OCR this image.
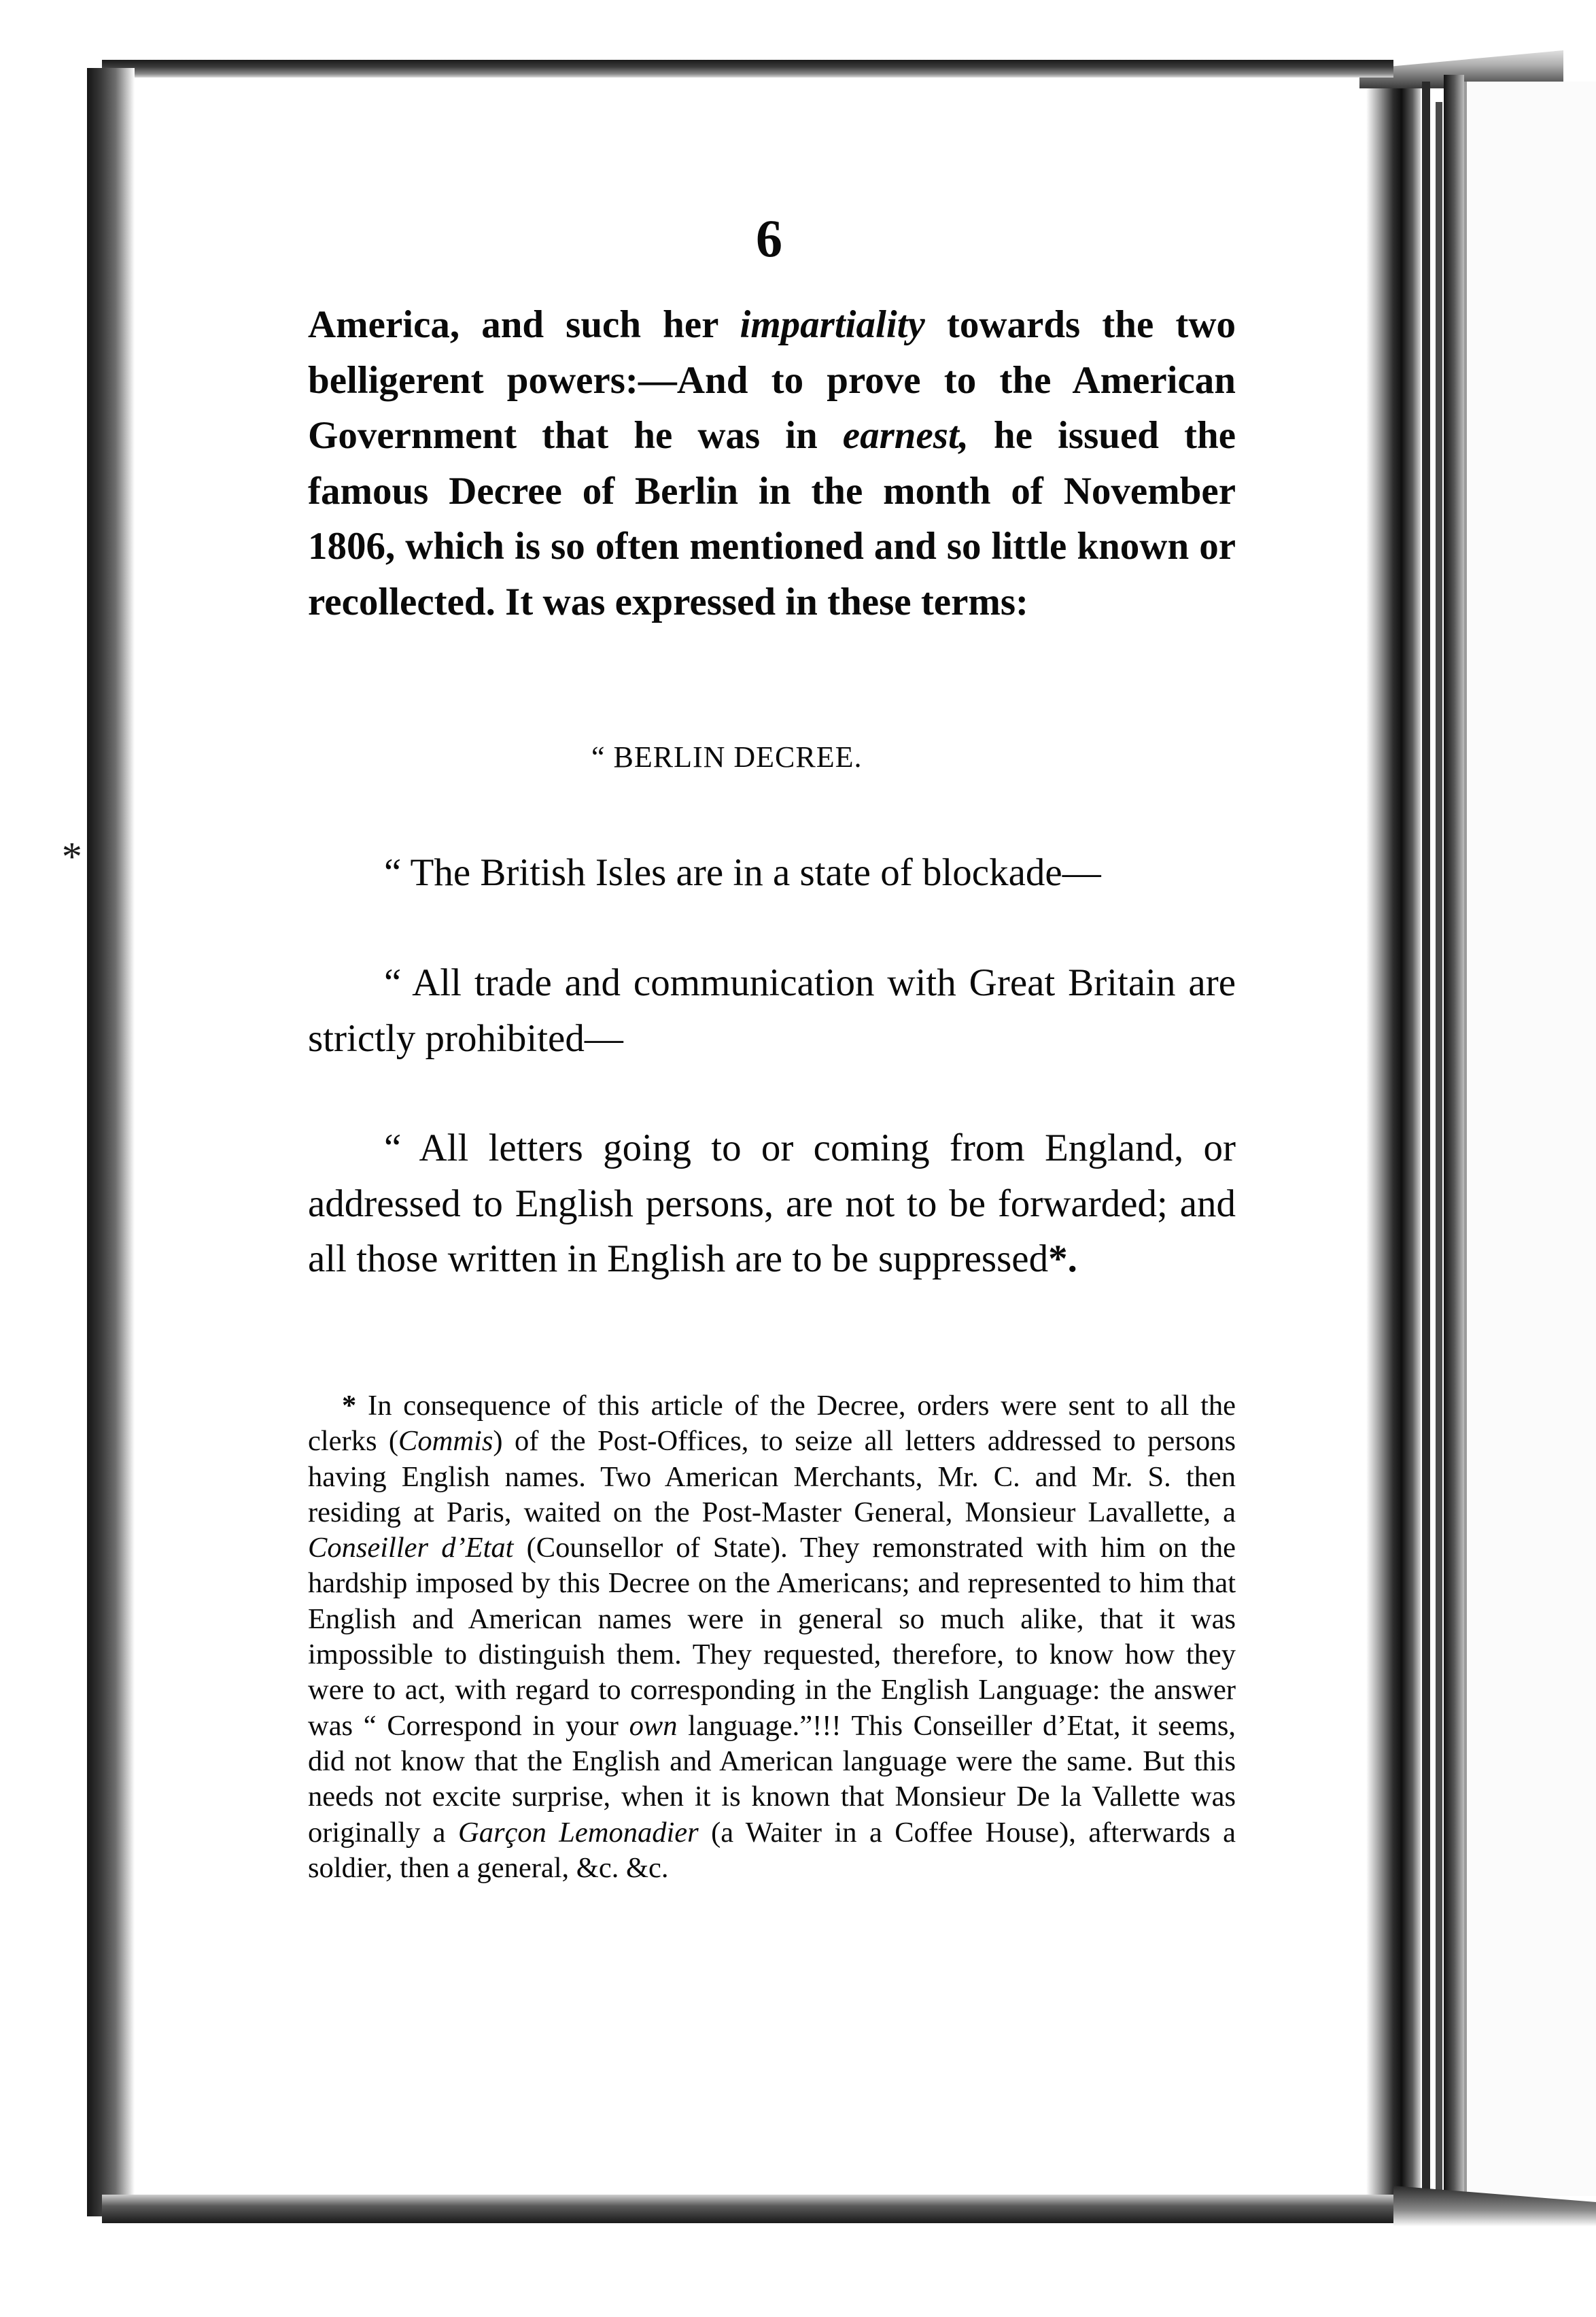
*
6
America, and such her impartiality towards the two belligerent powers:—And to prove to the American Government that he was in earnest, he issued the famous Decree of Berlin in the month of November 1806, which is so often mentioned and so little known or recollected. It was expressed in these terms:
“ BERLIN DECREE.
“ The British Isles are in a state of blockade—
“ All trade and communication with Great Britain are strictly prohibited—
“ All letters going to or coming from England, or addressed to English persons, are not to be forwarded; and all those written in English are to be suppressed*.
* In consequence of this article of the Decree, orders were sent to all the clerks (Commis) of the Post-Offices, to seize all letters addressed to persons having English names. Two American Merchants, Mr. C. and Mr. S. then residing at Paris, waited on the Post-Master General, Monsieur Lavallette, a Conseiller d’Etat (Counsellor of State). They remonstrated with him on the hardship imposed by this Decree on the Americans; and represented to him that English and American names were in general so much alike, that it was impossible to distinguish them. They requested, therefore, to know how they were to act, with regard to corresponding in the English Language: the answer was “ Correspond in your own language.”!!! This Conseiller d’Etat, it seems, did not know that the English and American language were the same. But this needs not excite surprise, when it is known that Monsieur De la Vallette was originally a Garçon Lemonadier (a Waiter in a Coffee House), afterwards a soldier, then a general, &c. &c.
